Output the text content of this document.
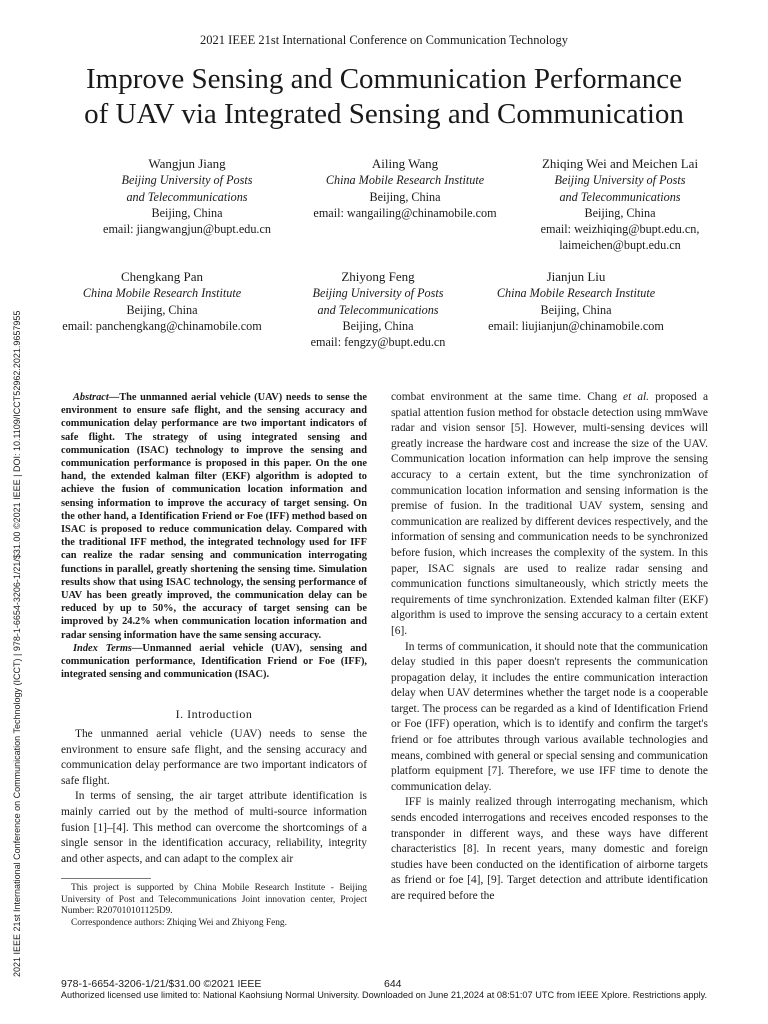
2021 IEEE 21st International Conference on Communication Technology (ICCT) | 978-1-6654-3206-1/21/$31.00 ©2021 IEEE | DOI: 10.1109/ICCT52962.2021.9657955
2021 IEEE 21st International Conference on Communication Technology
Improve Sensing and Communication Performance
of UAV via Integrated Sensing and Communication
Wangjun Jiang
Beijing University of Posts
and Telecommunications
Beijing, China
email: jiangwangjun@bupt.edu.cn
Ailing Wang
China Mobile Research Institute
Beijing, China
email: wangailing@chinamobile.com
Zhiqing Wei and Meichen Lai
Beijing University of Posts
and Telecommunications
Beijing, China
email: weizhiqing@bupt.edu.cn,
laimeichen@bupt.edu.cn
Chengkang Pan
China Mobile Research Institute
Beijing, China
email: panchengkang@chinamobile.com
Zhiyong Feng
Beijing University of Posts
and Telecommunications
Beijing, China
email: fengzy@bupt.edu.cn
Jianjun Liu
China Mobile Research Institute
Beijing, China
email: liujianjun@chinamobile.com

Abstract—The unmanned aerial vehicle (UAV) needs to sense the environment to ensure safe flight, and the sensing accuracy and communication delay performance are two important indicators of safe flight. The strategy of using integrated sensing and communication (ISAC) technology to improve the sensing and communication performance is proposed in this paper. On the one hand, the extended kalman filter (EKF) algorithm is adopted to achieve the fusion of communication location information and sensing information to improve the accuracy of target sensing. On the other hand, a Identification Friend or Foe (IFF) method based on ISAC is proposed to reduce communication delay. Compared with the traditional IFF method, the integrated technology used for IFF can realize the radar sensing and communication interrogating functions in parallel, greatly shortening the sensing time. Simulation results show that using ISAC technology, the sensing performance of UAV has been greatly improved, the communication delay can be reduced by up to 50%, the accuracy of target sensing can be improved by 24.2% when communication location information and radar sensing information have the same sensing accuracy.

Index Terms—Unmanned aerial vehicle (UAV), sensing and communication performance, Identification Friend or Foe (IFF), integrated sensing and communication (ISAC).

I. Introduction

The unmanned aerial vehicle (UAV) needs to sense the environment to ensure safe flight, and the sensing accuracy and communication delay performance are two important indicators of safe flight.

In terms of sensing, the air target attribute identification is mainly carried out by the method of multi-source information fusion [1]–[4]. This method can overcome the shortcomings of a single sensor in the identification accuracy, reliability, integrity and other aspects, and can adapt to the complex air

This project is supported by China Mobile Research Institute - Beijing University of Post and Telecommunications Joint innovation center, Project Number: R20701010​1125D9.

Correspondence authors: Zhiqing Wei and Zhiyong Feng.

combat environment at the same time. Chang et al. proposed a spatial attention fusion method for obstacle detection using mmWave radar and vision sensor [5]. However, multi-sensing devices will greatly increase the hardware cost and increase the size of the UAV. Communication location information can help improve the sensing accuracy to a certain extent, but the time synchronization of communication location information and sensing information is the premise of fusion. In the traditional UAV system, sensing and communication are realized by different devices respectively, and the information of sensing and communication needs to be synchronized before fusion, which increases the complexity of the system. In this paper, ISAC signals are used to realize radar sensing and communication functions simultaneously, which strictly meets the requirements of time synchronization. Extended kalman filter (EKF) algorithm is used to improve the sensing accuracy to a certain extent [6].

In terms of communication, it should note that the communication delay studied in this paper doesn't represents the communication propagation delay, it includes the entire communication interaction delay when UAV determines whether the target node is a cooperable target. The process can be regarded as a kind of Identification Friend or Foe (IFF) operation, which is to identify and confirm the target's friend or foe attributes through various available technologies and means, combined with general or special sensing and communication platform equipment [7]. Therefore, we use IFF time to denote the communication delay.

IFF is mainly realized through interrogating mechanism, which sends encoded interrogations and receives encoded responses to the transponder in different ways, and these ways have different characteristics [8]. In recent years, many domestic and foreign studies have been conducted on the identification of airborne targets as friend or foe [4], [9]. Target detection and attribute identification are required before the

978-1-6654-3206-1/21/$31.00 ©2021 IEEE	644
Authorized licensed use limited to: National Kaohsiung Normal University. Downloaded on June 21,2024 at 08:51:07 UTC from IEEE Xplore. Restrictions apply.
